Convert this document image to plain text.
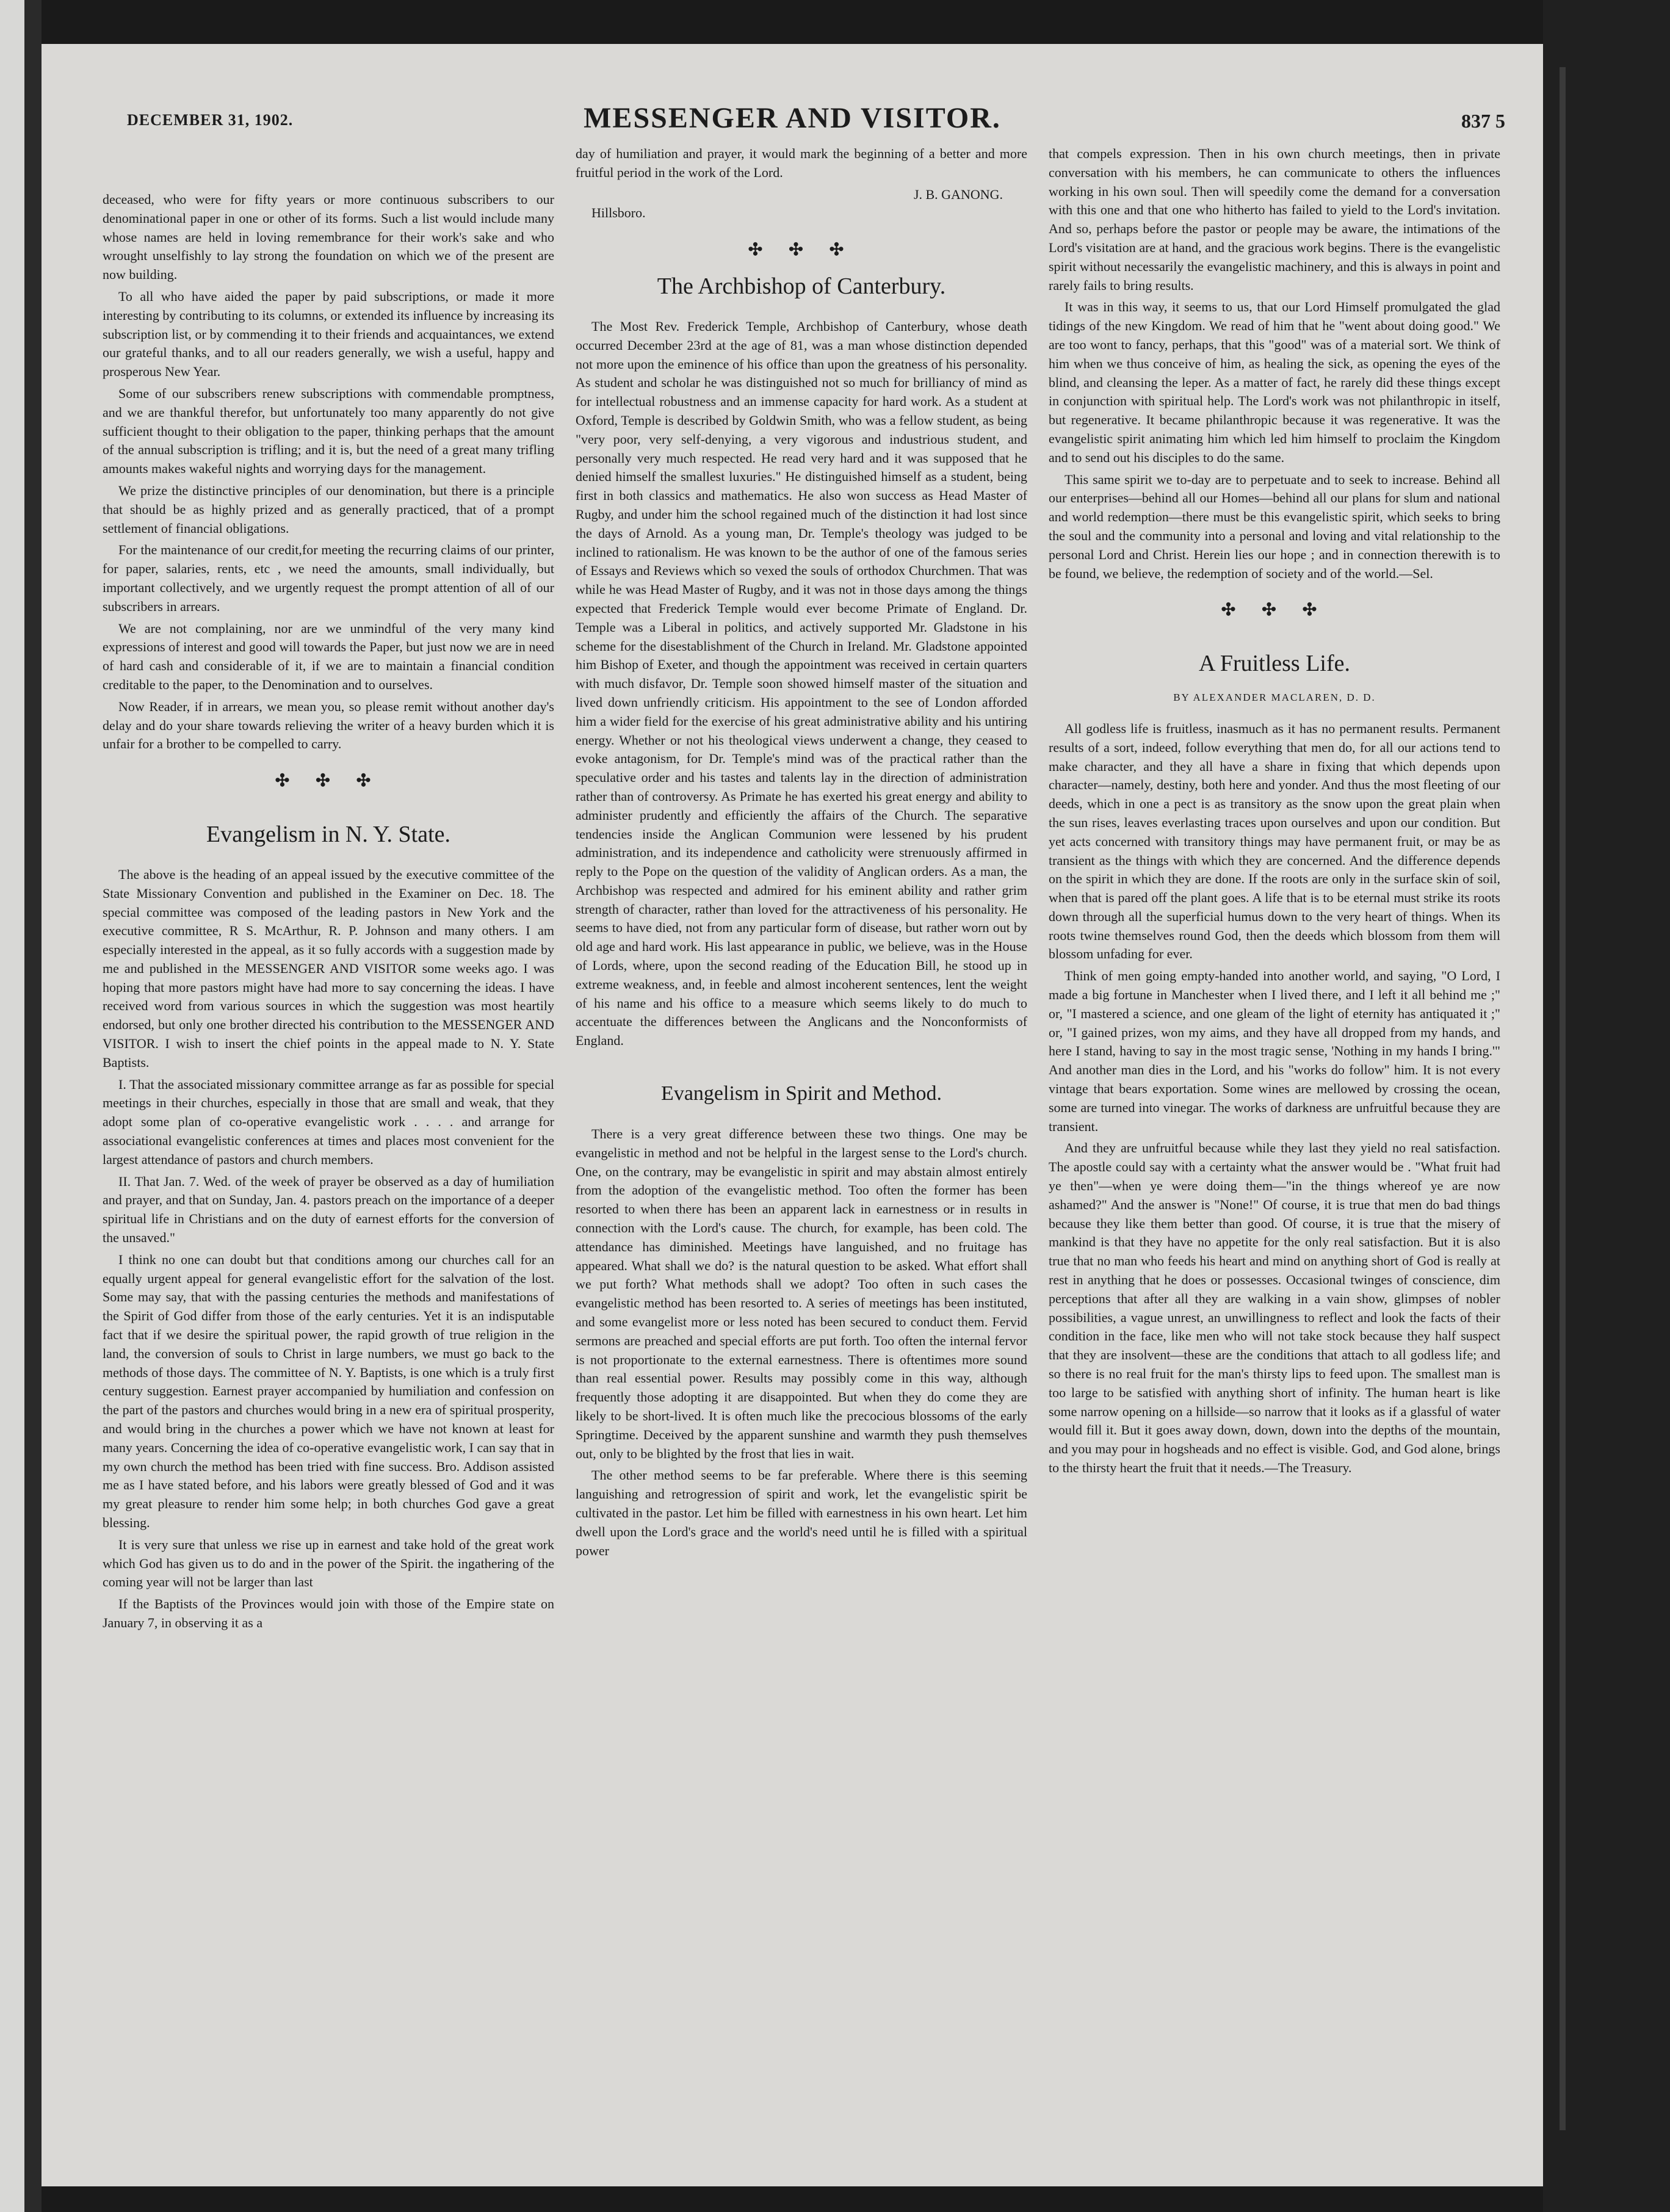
DECEMBER 31, 1902.	MESSENGER AND VISITOR.	837 5

deceased, who were for fifty years or more continuous subscribers to our denominational paper in one or other of its forms. Such a list would include many whose names are held in loving remembrance for their work's sake and who wrought unselfishly to lay strong the foundation on which we of the present are now building.

To all who have aided the paper by paid subscriptions, or made it more interesting by contributing to its columns, or extended its influence by increasing its subscription list, or by commending it to their friends and acquaintances, we extend our grateful thanks, and to all our readers generally, we wish a useful, happy and prosperous New Year.

Some of our subscribers renew subscriptions with commendable promptness, and we are thankful therefor, but unfortunately too many apparently do not give sufficient thought to their obligation to the paper, thinking perhaps that the amount of the annual subscription is trifling; and it is, but the need of a great many trifling amounts makes wakeful nights and worrying days for the management.

We prize the distinctive principles of our denomination, but there is a principle that should be as highly prized and as generally practiced, that of a prompt settlement of financial obligations.

For the maintenance of our credit,for meeting the recurring claims of our printer, for paper, salaries, rents, etc , we need the amounts, small individually, but important collectively, and we urgently request the prompt attention of all of our subscribers in arrears.

We are not complaining, nor are we unmindful of the very many kind expressions of interest and good will towards the Paper, but just now we are in need of hard cash and considerable of it, if we are to maintain a financial condition creditable to the paper, to the Denomination and to ourselves.

Now Reader, if in arrears, we mean you, so please remit without another day's delay and do your share towards relieving the writer of a heavy burden which it is unfair for a brother to be compelled to carry.

✣ ✣ ✣
Evangelism in N. Y. State.

The above is the heading of an appeal issued by the executive committee of the State Missionary Convention and published in the Examiner on Dec. 18. The special committee was composed of the leading pastors in New York and the executive committee, R S. McArthur, R. P. Johnson and many others. I am especially interested in the appeal, as it so fully accords with a suggestion made by me and published in the MESSENGER AND VISITOR some weeks ago. I was hoping that more pastors might have had more to say concerning the ideas. I have received word from various sources in which the suggestion was most heartily endorsed, but only one brother directed his contribution to the MESSENGER AND VISITOR. I wish to insert the chief points in the appeal made to N. Y. State Baptists.

I. That the associated missionary committee arrange as far as possible for special meetings in their churches, especially in those that are small and weak, that they adopt some plan of co-operative evangelistic work . . . . and arrange for associational evangelistic conferences at times and places most convenient for the largest attendance of pastors and church members.

II. That Jan. 7. Wed. of the week of prayer be observed as a day of humiliation and prayer, and that on Sunday, Jan. 4. pastors preach on the importance of a deeper spiritual life in Christians and on the duty of earnest efforts for the conversion of the unsaved."

I think no one can doubt but that conditions among our churches call for an equally urgent appeal for general evangelistic effort for the salvation of the lost. Some may say, that with the passing centuries the methods and manifestations of the Spirit of God differ from those of the early centuries. Yet it is an indisputable fact that if we desire the spiritual power, the rapid growth of true religion in the land, the conversion of souls to Christ in large numbers, we must go back to the methods of those days. The committee of N. Y. Baptists, is one which is a truly first century suggestion. Earnest prayer accompanied by humiliation and confession on the part of the pastors and churches would bring in a new era of spiritual prosperity, and would bring in the churches a power which we have not known at least for many years. Concerning the idea of co-operative evangelistic work, I can say that in my own church the method has been tried with fine success. Bro. Addison assisted me as I have stated before, and his labors were greatly blessed of God and it was my great pleasure to render him some help; in both churches God gave a great blessing.

It is very sure that unless we rise up in earnest and take hold of the great work which God has given us to do and in the power of the Spirit. the ingathering of the coming year will not be larger than last

If the Baptists of the Provinces would join with those of the Empire state on January 7, in observing it as a

day of humiliation and prayer, it would mark the beginning of a better and more fruitful period in the work of the Lord.

J. B. GANONG.

Hillsboro.

✣ ✣ ✣
The Archbishop of Canterbury.

The Most Rev. Frederick Temple, Archbishop of Canterbury, whose death occurred December 23rd at the age of 81, was a man whose distinction depended not more upon the eminence of his office than upon the greatness of his personality. As student and scholar he was distinguished not so much for brilliancy of mind as for intellectual robustness and an immense capacity for hard work. As a student at Oxford, Temple is described by Goldwin Smith, who was a fellow student, as being "very poor, very self-denying, a very vigorous and industrious student, and personally very much respected. He read very hard and it was supposed that he denied himself the smallest luxuries." He distinguished himself as a student, being first in both classics and mathematics. He also won success as Head Master of Rugby, and under him the school regained much of the distinction it had lost since the days of Arnold. As a young man, Dr. Temple's theology was judged to be inclined to rationalism. He was known to be the author of one of the famous series of Essays and Reviews which so vexed the souls of orthodox Churchmen. That was while he was Head Master of Rugby, and it was not in those days among the things expected that Frederick Temple would ever become Primate of England. Dr. Temple was a Liberal in politics, and actively supported Mr. Gladstone in his scheme for the disestablishment of the Church in Ireland. Mr. Gladstone appointed him Bishop of Exeter, and though the appointment was received in certain quarters with much disfavor, Dr. Temple soon showed himself master of the situation and lived down unfriendly criticism. His appointment to the see of London afforded him a wider field for the exercise of his great administrative ability and his untiring energy. Whether or not his theological views underwent a change, they ceased to evoke antagonism, for Dr. Temple's mind was of the practical rather than the speculative order and his tastes and talents lay in the direction of administration rather than of controversy. As Primate he has exerted his great energy and ability to administer prudently and efficiently the affairs of the Church. The separative tendencies inside the Anglican Communion were lessened by his prudent administration, and its independence and catholicity were strenuously affirmed in reply to the Pope on the question of the validity of Anglican orders. As a man, the Archbishop was respected and admired for his eminent ability and rather grim strength of character, rather than loved for the attractiveness of his personality. He seems to have died, not from any particular form of disease, but rather worn out by old age and hard work. His last appearance in public, we believe, was in the House of Lords, where, upon the second reading of the Education Bill, he stood up in extreme weakness, and, in feeble and almost incoherent sentences, lent the weight of his name and his office to a measure which seems likely to do much to accentuate the differences between the Anglicans and the Nonconformists of England.

Evangelism in Spirit and Method.

There is a very great difference between these two things. One may be evangelistic in method and not be helpful in the largest sense to the Lord's church. One, on the contrary, may be evangelistic in spirit and may abstain almost entirely from the adoption of the evangelistic method. Too often the former has been resorted to when there has been an apparent lack in earnestness or in results in connection with the Lord's cause. The church, for example, has been cold. The attendance has diminished. Meetings have languished, and no fruitage has appeared. What shall we do? is the natural question to be asked. What effort shall we put forth? What methods shall we adopt? Too often in such cases the evangelistic method has been resorted to. A series of meetings has been instituted, and some evangelist more or less noted has been secured to conduct them. Fervid sermons are preached and special efforts are put forth. Too often the internal fervor is not proportionate to the external earnestness. There is oftentimes more sound than real essential power. Results may possibly come in this way, although frequently those adopting it are disappointed. But when they do come they are likely to be short-lived. It is often much like the precocious blossoms of the early Springtime. Deceived by the apparent sunshine and warmth they push themselves out, only to be blighted by the frost that lies in wait.

The other method seems to be far preferable. Where there is this seeming languishing and retrogression of spirit and work, let the evangelistic spirit be cultivated in the pastor. Let him be filled with earnestness in his own heart. Let him dwell upon the Lord's grace and the world's need until he is filled with a spiritual power

that compels expression. Then in his own church meetings, then in private conversation with his members, he can communicate to others the influences working in his own soul. Then will speedily come the demand for a conversation with this one and that one who hitherto has failed to yield to the Lord's invitation. And so, perhaps before the pastor or people may be aware, the intimations of the Lord's visitation are at hand, and the gracious work begins. There is the evangelistic spirit without necessarily the evangelistic machinery, and this is always in point and rarely fails to bring results.

It was in this way, it seems to us, that our Lord Himself promulgated the glad tidings of the new Kingdom. We read of him that he "went about doing good." We are too wont to fancy, perhaps, that this "good" was of a material sort. We think of him when we thus conceive of him, as healing the sick, as opening the eyes of the blind, and cleansing the leper. As a matter of fact, he rarely did these things except in conjunction with spiritual help. The Lord's work was not philanthropic in itself, but regenerative. It became philanthropic because it was regenerative. It was the evangelistic spirit animating him which led him himself to proclaim the Kingdom and to send out his disciples to do the same.

This same spirit we to-day are to perpetuate and to seek to increase. Behind all our enterprises—behind all our Homes—behind all our plans for slum and national and world redemption—there must be this evangelistic spirit, which seeks to bring the soul and the community into a personal and loving and vital relationship to the personal Lord and Christ. Herein lies our hope ; and in connection therewith is to be found, we believe, the redemption of society and of the world.—Sel.

✣ ✣ ✣
A Fruitless Life.
BY ALEXANDER MACLAREN, D. D.

All godless life is fruitless, inasmuch as it has no permanent results. Permanent results of a sort, indeed, follow everything that men do, for all our actions tend to make character, and they all have a share in fixing that which depends upon character—namely, destiny, both here and yonder. And thus the most fleeting of our deeds, which in one a pect is as transitory as the snow upon the great plain when the sun rises, leaves everlasting traces upon ourselves and upon our condition. But yet acts concerned with transitory things may have permanent fruit, or may be as transient as the things with which they are concerned. And the difference depends on the spirit in which they are done. If the roots are only in the surface skin of soil, when that is pared off the plant goes. A life that is to be eternal must strike its roots down through all the superficial humus down to the very heart of things. When its roots twine themselves round God, then the deeds which blossom from them will blossom unfading for ever.

Think of men going empty-handed into another world, and saying, "O Lord, I made a big fortune in Manchester when I lived there, and I left it all behind me ;" or, "I mastered a science, and one gleam of the light of eternity has antiquated it ;" or, "I gained prizes, won my aims, and they have all dropped from my hands, and here I stand, having to say in the most tragic sense, 'Nothing in my hands I bring.'" And another man dies in the Lord, and his "works do follow" him. It is not every vintage that bears exportation. Some wines are mellowed by crossing the ocean, some are turned into vinegar. The works of darkness are unfruitful because they are transient.

And they are unfruitful because while they last they yield no real satisfaction. The apostle could say with a certainty what the answer would be . "What fruit had ye then"—when ye were doing them—"in the things whereof ye are now ashamed?" And the answer is "None!" Of course, it is true that men do bad things because they like them better than good. Of course, it is true that the misery of mankind is that they have no appetite for the only real satisfaction. But it is also true that no man who feeds his heart and mind on anything short of God is really at rest in anything that he does or possesses. Occasional twinges of conscience, dim perceptions that after all they are walking in a vain show, glimpses of nobler possibilities, a vague unrest, an unwillingness to reflect and look the facts of their condition in the face, like men who will not take stock because they half suspect that they are insolvent—these are the conditions that attach to all godless life; and so there is no real fruit for the man's thirsty lips to feed upon. The smallest man is too large to be satisfied with anything short of infinity. The human heart is like some narrow opening on a hillside—so narrow that it looks as if a glassful of water would fill it. But it goes away down, down, down into the depths of the mountain, and you may pour in hogsheads and no effect is visible. God, and God alone, brings to the thirsty heart the fruit that it needs.—The Treasury.
